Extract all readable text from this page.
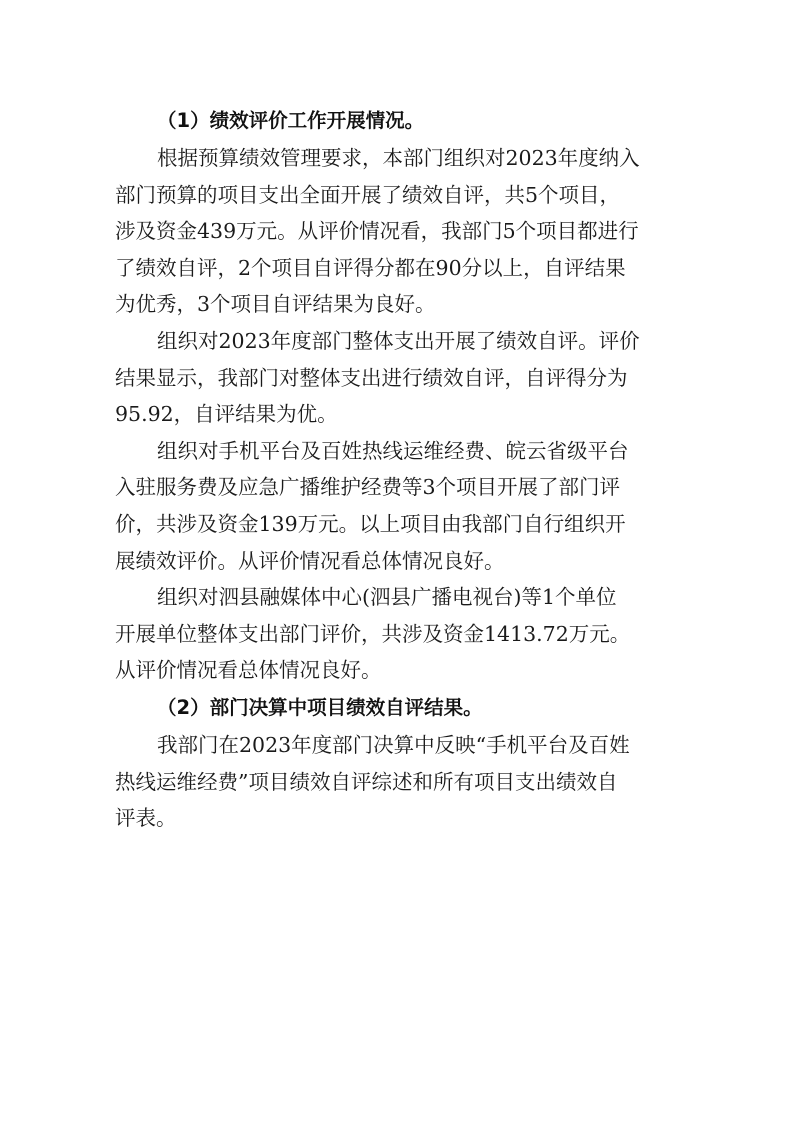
（1）绩效评价工作开展情况。

根据预算绩效管理要求，本部门组织对2023年度纳入
部门预算的项目支出全面开展了绩效自评，共5个项目，
涉及资金439万元。从评价情况看，我部门5个项目都进行
了绩效自评，2个项目自评得分都在90分以上，自评结果
为优秀，3个项目自评结果为良好。

组织对2023年度部门整体支出开展了绩效自评。评价
结果显示，我部门对整体支出进行绩效自评，自评得分为
95.92，自评结果为优。

组织对手机平台及百姓热线运维经费、皖云省级平台
入驻服务费及应急广播维护经费等3个项目开展了部门评
价，共涉及资金139万元。以上项目由我部门自行组织开
展绩效评价。从评价情况看总体情况良好。

组织对泗县融媒体中心(泗县广播电视台)等1个单位
开展单位整体支出部门评价，共涉及资金1413.72万元。
从评价情况看总体情况良好。

（2）部门决算中项目绩效自评结果。

我部门在2023年度部门决算中反映“手机平台及百姓
热线运维经费”项目绩效自评综述和所有项目支出绩效自
评表。
